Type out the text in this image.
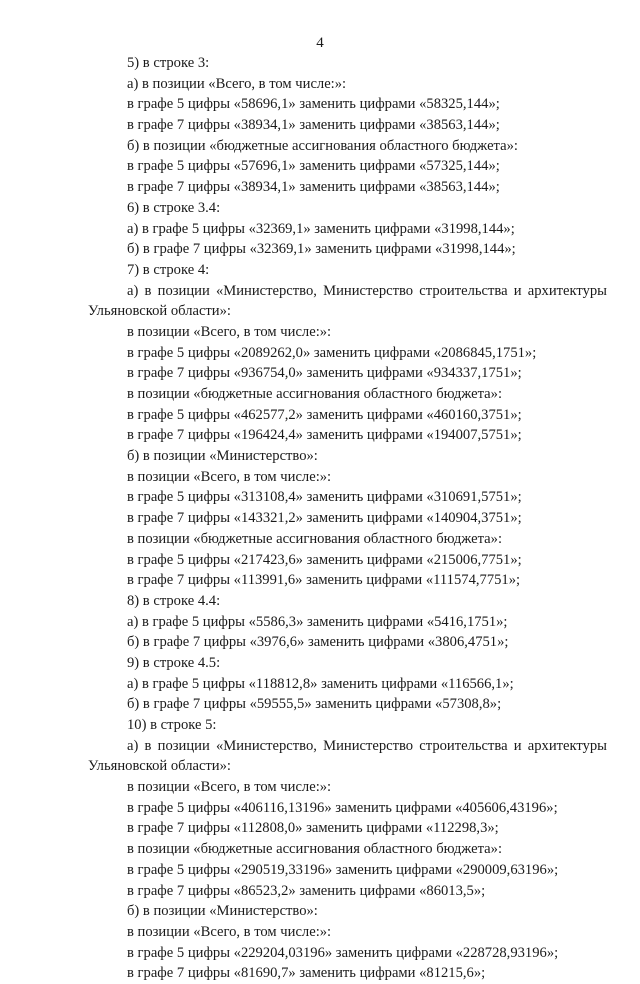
4
5) в строке 3:
а) в позиции «Всего, в том числе:»:
в графе 5 цифры «58696,1» заменить цифрами «58325,144»;
в графе 7 цифры «38934,1» заменить цифрами «38563,144»;
б) в позиции «бюджетные ассигнования областного бюджета»:
в графе 5 цифры «57696,1» заменить цифрами «57325,144»;
в графе 7 цифры «38934,1» заменить цифрами «38563,144»;
6) в строке 3.4:
а) в графе 5 цифры «32369,1» заменить цифрами «31998,144»;
б) в графе 7 цифры «32369,1» заменить цифрами «31998,144»;
7) в строке 4:
а) в позиции «Министерство, Министерство строительства и архитектуры
Ульяновской области»:
в позиции «Всего, в том числе:»:
в графе 5 цифры «2089262,0» заменить цифрами «2086845,1751»;
в графе 7 цифры «936754,0» заменить цифрами «934337,1751»;
в позиции «бюджетные ассигнования областного бюджета»:
в графе 5 цифры «462577,2» заменить цифрами «460160,3751»;
в графе 7 цифры «196424,4» заменить цифрами «194007,5751»;
б) в позиции «Министерство»:
в позиции «Всего, в том числе:»:
в графе 5 цифры «313108,4» заменить цифрами «310691,5751»;
в графе 7 цифры «143321,2» заменить цифрами «140904,3751»;
в позиции «бюджетные ассигнования областного бюджета»:
в графе 5 цифры «217423,6» заменить цифрами «215006,7751»;
в графе 7 цифры «113991,6» заменить цифрами «111574,7751»;
8) в строке 4.4:
а) в графе 5 цифры «5586,3» заменить цифрами «5416,1751»;
б) в графе 7 цифры «3976,6» заменить цифрами «3806,4751»;
9) в строке 4.5:
а) в графе 5 цифры «118812,8» заменить цифрами «116566,1»;
б) в графе 7 цифры «59555,5» заменить цифрами «57308,8»;
10) в строке 5:
а) в позиции «Министерство, Министерство строительства и архитектуры
Ульяновской области»:
в позиции «Всего, в том числе:»:
в графе 5 цифры «406116,13196» заменить цифрами «405606,43196»;
в графе 7 цифры «112808,0» заменить цифрами «112298,3»;
в позиции «бюджетные ассигнования областного бюджета»:
в графе 5 цифры «290519,33196» заменить цифрами «290009,63196»;
в графе 7 цифры «86523,2» заменить цифрами «86013,5»;
б) в позиции «Министерство»:
в позиции «Всего, в том числе:»:
в графе 5 цифры «229204,03196» заменить цифрами «228728,93196»;
в графе 7 цифры «81690,7» заменить цифрами «81215,6»;
